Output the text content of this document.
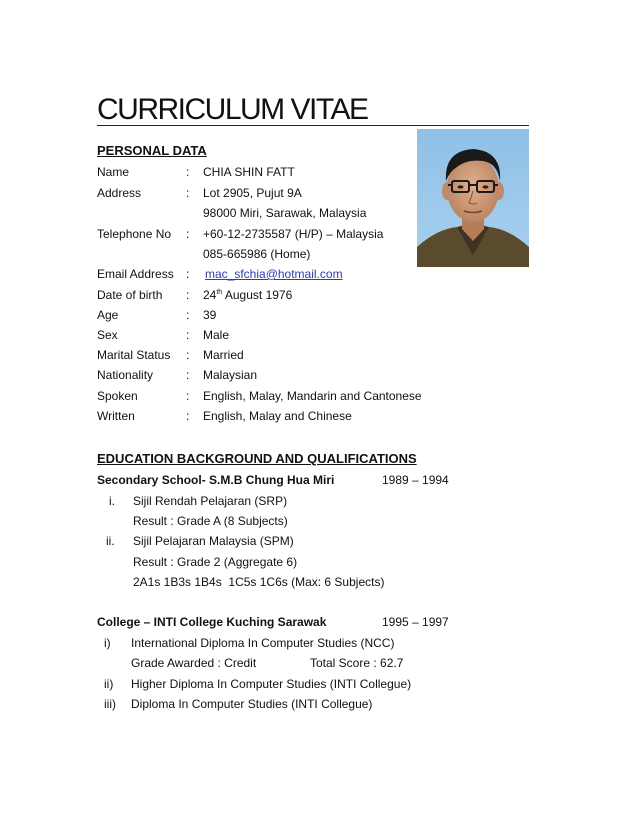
CURRICULUM VITAE
PERSONAL DATA
Name	: CHIA SHIN FATT
Address	: Lot 2905, Pujut 9A
98000 Miri, Sarawak, Malaysia
Telephone No : +60-12-2735587 (H/P) – Malaysia
085-665986 (Home)
Email Address : mac_sfchia@hotmail.com
Date of birth : 24th August 1976
Age	: 39
Sex	: Male
Marital Status : Married
Nationality	: Malaysian
Spoken	: English, Malay, Mandarin and Cantonese
Written	: English, Malay and Chinese
EDUCATION BACKGROUND AND QUALIFICATIONS
Secondary School- S.M.B Chung Hua Miri	1989 – 1994
i. Sijil Rendah Pelajaran (SRP)
Result : Grade A (8 Subjects)
ii. Sijil Pelajaran Malaysia (SPM)
Result : Grade 2 (Aggregate 6)
2A1s 1B3s 1B4s  1C5s 1C6s (Max: 6 Subjects)
College – INTI College Kuching Sarawak	1995 – 1997
i) International Diploma In Computer Studies (NCC)
Grade Awarded : Credit	Total Score : 62.7
ii) Higher Diploma In Computer Studies (INTI Collegue)
iii) Diploma In Computer Studies (INTI Collegue)
